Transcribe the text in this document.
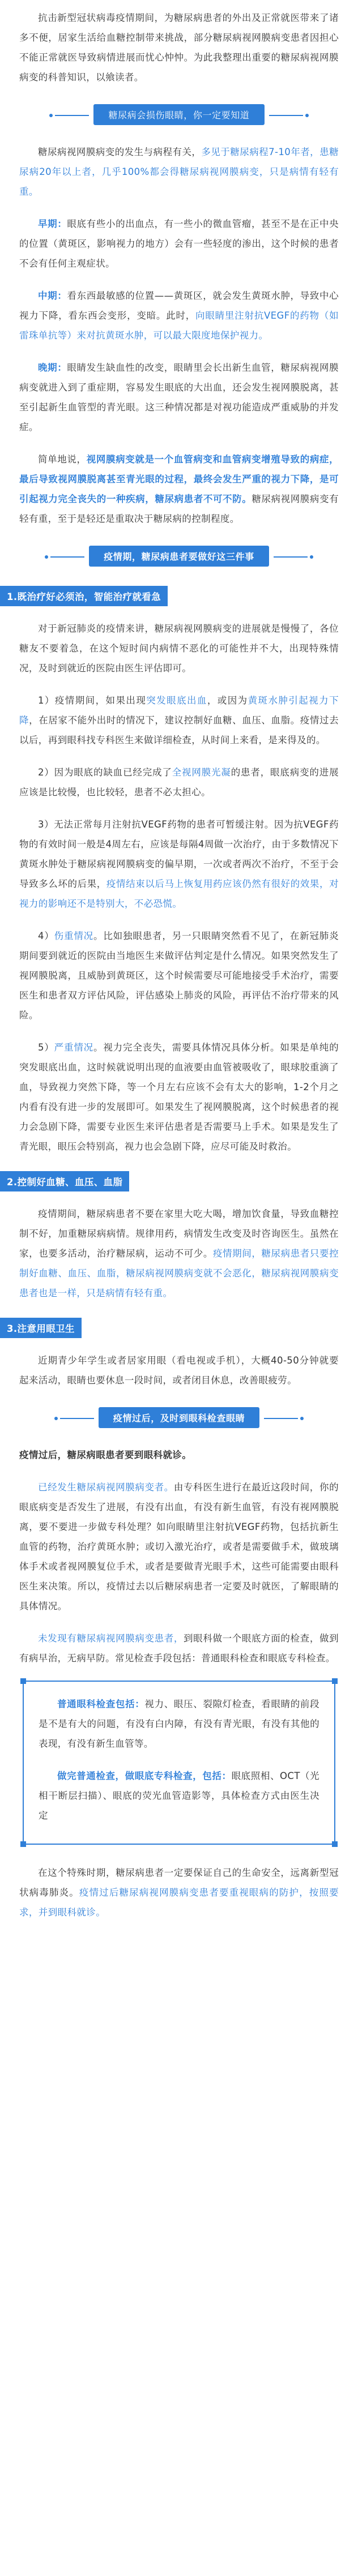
抗击新型冠状病毒疫情期间，为糖尿病患者的外出及正常就医带来了诸多不便，居家生活给血糖控制带来挑战，部分糖尿病视网膜病变患者因担心不能正常就医导致病情进展而忧心忡忡。为此我整理出重要的糖尿病视网膜病变的科普知识，以飨读者。

糖尿病会损伤眼睛，你一定要知道

糖尿病视网膜病变的发生与病程有关，多见于糖尿病程7-10年者，患糖尿病20年以上者，几乎100%都会得糖尿病视网膜病变，只是病情有轻有重。

早期：眼底有些小的出血点，有一些小的微血管瘤，甚至不是在正中央的位置（黄斑区，影响视力的地方）会有一些轻度的渗出，这个时候的患者不会有任何主观症状。

中期：看东西最敏感的位置——黄斑区，就会发生黄斑水肿，导致中心视力下降，看东西会变形，变暗。此时，向眼睛里注射抗VEGF的药物（如雷珠单抗等）来对抗黄斑水肿，可以最大限度地保护视力。

晚期：眼睛发生缺血性的改变，眼睛里会长出新生血管，糖尿病视网膜病变就进入到了重症期，容易发生眼底的大出血，还会发生视网膜脱离，甚至引起新生血管型的青光眼。这三种情况都是对视功能造成严重威胁的并发症。

简单地说，视网膜病变就是一个血管病变和血管病变增殖导致的病症，最后导致视网膜脱离甚至青光眼的过程，最终会发生严重的视力下降，是可引起视力完全丧失的一种疾病，糖尿病患者不可不防。糖尿病视网膜病变有轻有重，至于是轻还是重取决于糖尿病的控制程度。

疫情期，糖尿病患者要做好这三件事
1.既治疗好必须治，智能治疗就看急

对于新冠肺炎的疫情来讲，糖尿病视网膜病变的进展就是慢慢了，各位糖友不要着急，在这个短时间内病情不恶化的可能性并不大，出现特殊情况，及时到就近的医院由医生评估即可。

1）疫情期间，如果出现突发眼底出血，或因为黄斑水肿引起视力下降，在居家不能外出时的情况下，建议控制好血糖、血压、血脂。疫情过去以后，再到眼科找专科医生来做详细检查，从时间上来看，是来得及的。

2）因为眼底的缺血已经完成了全视网膜光凝的患者，眼底病变的进展应该是比较慢，也比较轻，患者不必太担心。

3）无法正常每月注射抗VEGF药物的患者可暂缓注射。因为抗VEGF药物的有效时间一般是4周左右，应该是每隔4周做一次治疗，由于多数情况下黄斑水肿处于糖尿病视网膜病变的偏早期，一次或者两次不治疗，不至于会导致多么坏的后果，疫情结束以后马上恢复用药应该仍然有很好的效果，对视力的影响还不是特别大，不必恐慌。

4）伤重情况。比如独眼患者，另一只眼睛突然看不见了，在新冠肺炎期间要到就近的医院由当地医生来做评估判定是什么情况。如果突然发生了视网膜脱离，且威胁到黄斑区，这个时候需要尽可能地接受手术治疗，需要医生和患者双方评估风险，评估感染上肺炎的风险，再评估不治疗带来的风险。

5）严重情况。视力完全丧失，需要具体情况具体分析。如果是单纯的突发眼底出血，这时候就说明出现的血液要由血管被吸收了，眼球胶重滴了血，导致视力突然下降，等一个月左右应该不会有太大的影响，1-2个月之内看有没有进一步的发展即可。如果发生了视网膜脱离，这个时候患者的视力会急剧下降，需要专业医生来评估患者是否需要马上手术。如果是发生了青光眼，眼压会特别高，视力也会急剧下降，应尽可能及时救治。

2.控制好血糖、血压、血脂

疫情期间，糖尿病患者不要在家里大吃大喝，增加饮食量，导致血糖控制不好，加重糖尿病病情。规律用药，病情发生改变及时咨询医生。虽然在家，也要多活动，治疗糖尿病，运动不可少。疫情期间，糖尿病患者只要控制好血糖、血压、血脂，糖尿病视网膜病变就不会恶化，糖尿病视网膜病变患者也是一样，只是病情有轻有重。

3.注意用眼卫生

近期青少年学生或者居家用眼（看电视或手机），大概40-50分钟就要起来活动，眼睛也要休息一段时间，或者闭目休息，改善眼疲劳。

疫情过后，及时到眼科检查眼睛

疫情过后，糖尿病眼患者要到眼科就诊。

已经发生糖尿病视网膜病变者。由专科医生进行在最近这段时间，你的眼底病变是否发生了进展，有没有出血，有没有新生血管，有没有视网膜脱离，要不要进一步做专科处理？如向眼睛里注射抗VEGF药物，包括抗新生血管的药物，治疗黄斑水肿；或切入激光治疗，或者是需要做手术，做玻璃体手术或者视网膜复位手术，或者是要做青光眼手术，这些可能需要由眼科医生来决策。所以，疫情过去以后糖尿病患者一定要及时就医，了解眼睛的具体情况。

未发现有糖尿病视网膜病变患者，到眼科做一个眼底方面的检查，做到有病早治，无病早防。常见检查手段包括：普通眼科检查和眼底专科检查。

普通眼科检查包括：视力、眼压、裂隙灯检查，看眼睛的前段是不是有大的问题，有没有白内障，有没有青光眼，有没有其他的表现，有没有新生血管等。

做完普通检查，做眼底专科检查，包括：眼底照相、OCT（光相干断层扫描）、眼底的荧光血管造影等，具体检查方式由医生决定

在这个特殊时期，糖尿病患者一定要保证自己的生命安全，远离新型冠状病毒肺炎。疫情过后糖尿病视网膜病变患者要重视眼病的防护，按照要求，并到眼科就诊。
